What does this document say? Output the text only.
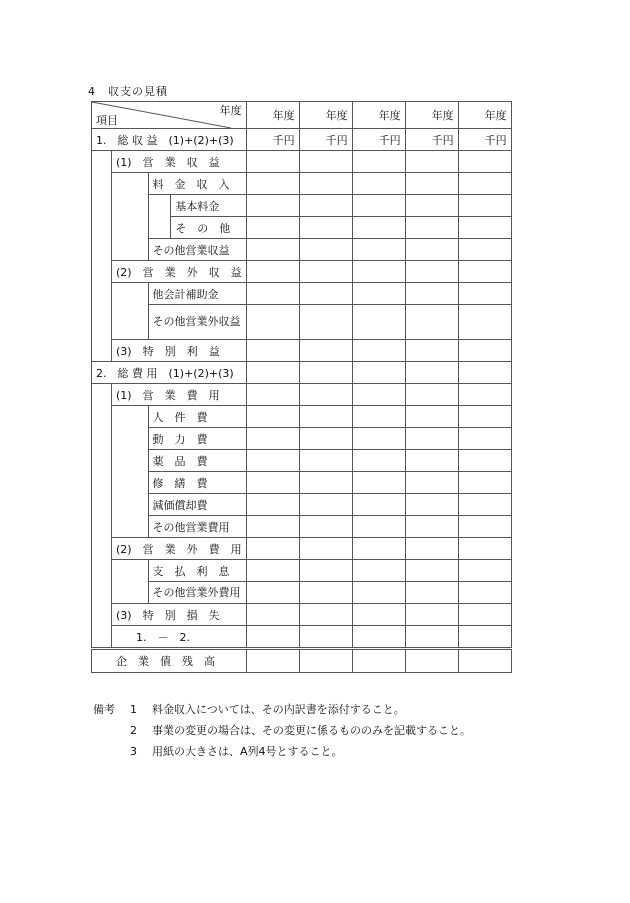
4　収支の見積
年度
項目				年度	年度	年度	年度	年度
1.　総 収 益　(1)+(2)+(3)				千円	千円	千円	千円	千円
	(1)　営　業　収　益							
		料　金　収　入						
			基本料金					
			そ　の　他					
		その他営業収益						
	(2)　営　業　外　収　益							
		他会計補助金						
		その他営業外収益						
	(3)　特　別　利　益							
2.　総 費 用　(1)+(2)+(3)								
	(1)　営　業　費　用							
		人　件　費						
		動　力　費						
		薬　品　費						
		修　繕　費						
		減価償却費						
		その他営業費用						
	(2)　営　業　外　費　用							
		支　払　利　息						
		その他営業外費用						
	(3)　特　別　損　失							
	1.　－　2.							
企　業　債　残　高								
備考	1	料金収入については、その内訳書を添付すること。
2	事業の変更の場合は、その変更に係るもののみを記載すること。
3	用紙の大きさは、A列4号とすること。
